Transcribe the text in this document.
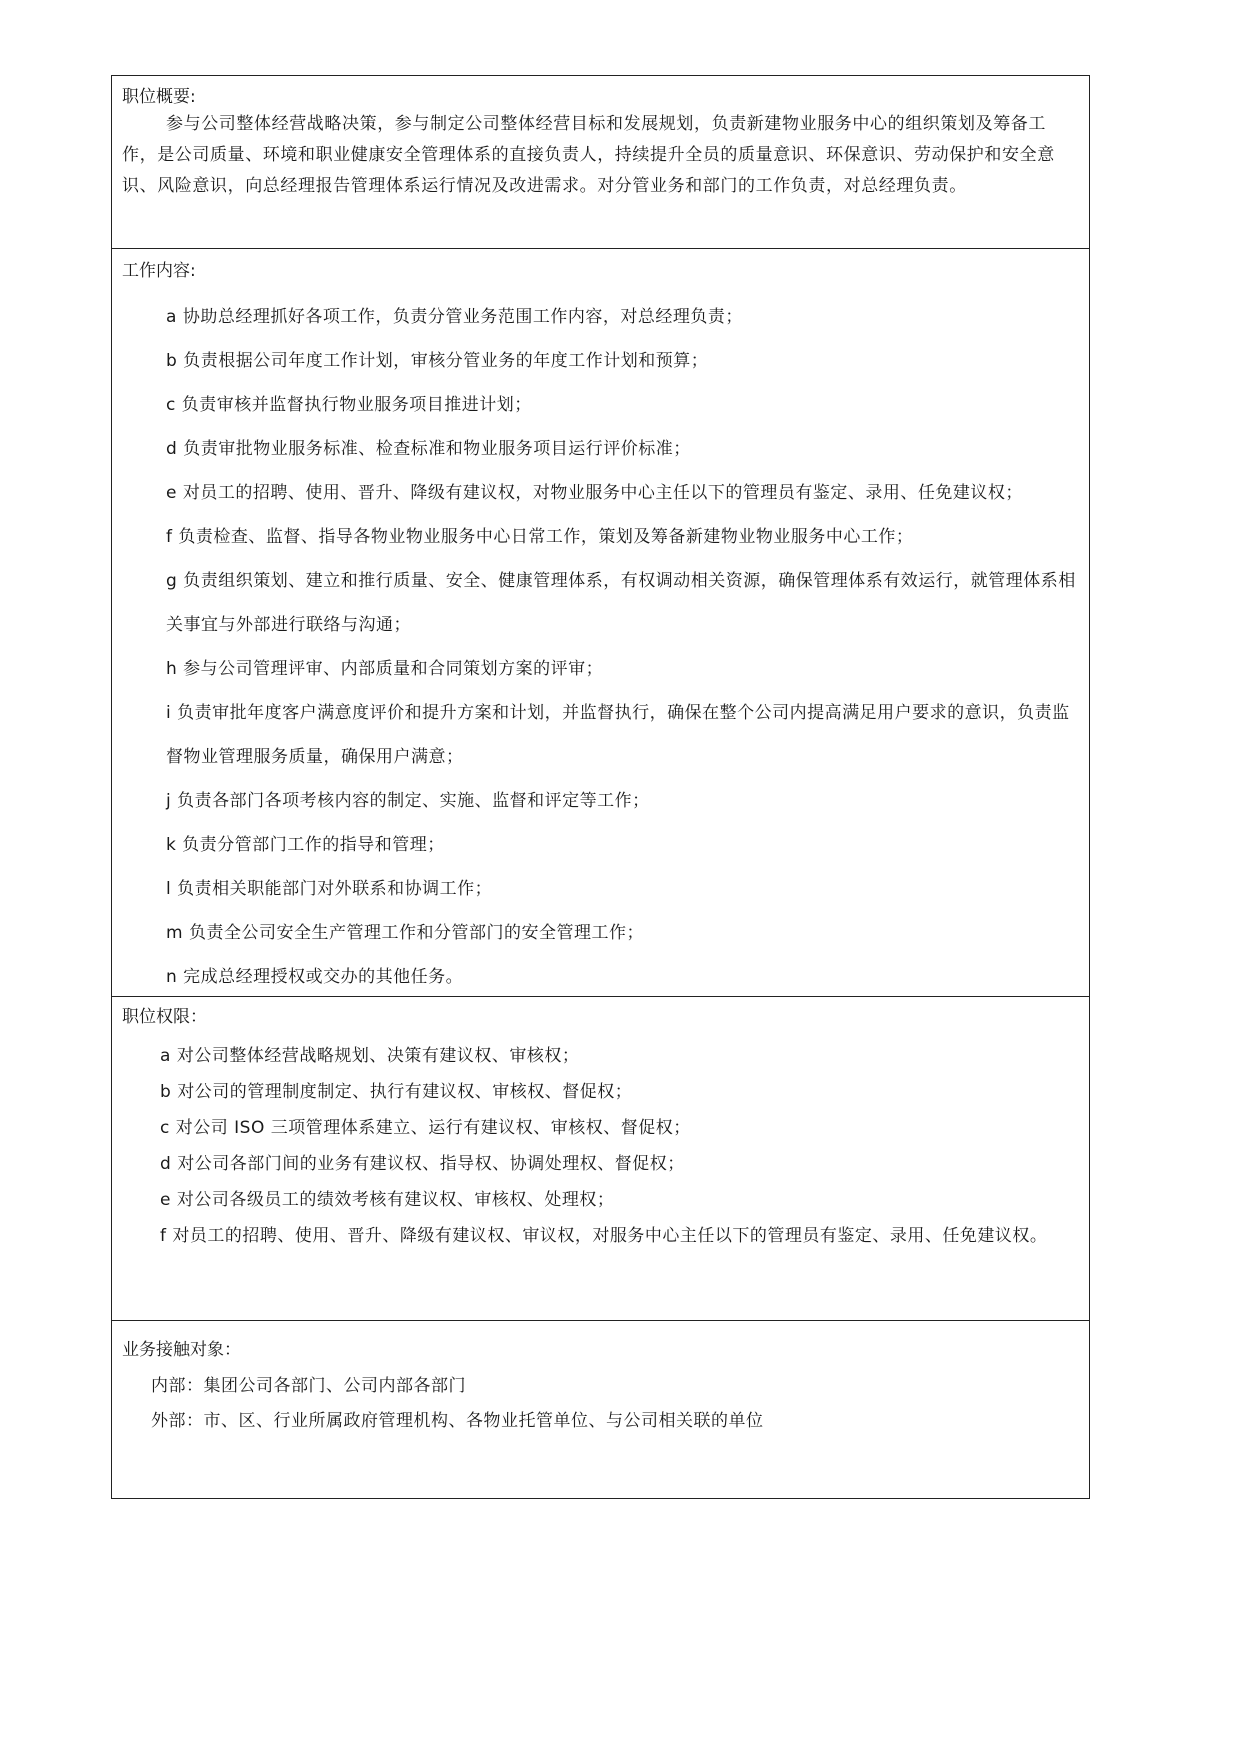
职位概要:

参与公司整体经营战略决策，参与制定公司整体经营目标和发展规划，负责新建物业服务中心的组织策划及筹备工作，是公司质量、环境和职业健康安全管理体系的直接负责人，持续提升全员的质量意识、环保意识、劳动保护和安全意识、风险意识，向总经理报告管理体系运行情况及改进需求。对分管业务和部门的工作负责，对总经理负责。

工作内容:

a 协助总经理抓好各项工作，负责分管业务范围工作内容，对总经理负责；
b 负责根据公司年度工作计划，审核分管业务的年度工作计划和预算；
c 负责审核并监督执行物业服务项目推进计划；
d 负责审批物业服务标准、检查标准和物业服务项目运行评价标准；
e 对员工的招聘、使用、晋升、降级有建议权，对物业服务中心主任以下的管理员有鉴定、录用、任免建议权；
f 负责检查、监督、指导各物业物业服务中心日常工作，策划及筹备新建物业物业服务中心工作；
g 负责组织策划、建立和推行质量、安全、健康管理体系，有权调动相关资源，确保管理体系有效运行，就管理体系相关事宜与外部进行联络与沟通；
h 参与公司管理评审、内部质量和合同策划方案的评审；
i 负责审批年度客户满意度评价和提升方案和计划，并监督执行，确保在整个公司内提高满足用户要求的意识，负责监督物业管理服务质量，确保用户满意；
j 负责各部门各项考核内容的制定、实施、监督和评定等工作；
k 负责分管部门工作的指导和管理；
l 负责相关职能部门对外联系和协调工作；
m 负责全公司安全生产管理工作和分管部门的安全管理工作；
n 完成总经理授权或交办的其他任务。

职位权限：

a 对公司整体经营战略规划、决策有建议权、审核权；
b 对公司的管理制度制定、执行有建议权、审核权、督促权；
c 对公司 ISO 三项管理体系建立、运行有建议权、审核权、督促权；
d 对公司各部门间的业务有建议权、指导权、协调处理权、督促权；
e 对公司各级员工的绩效考核有建议权、审核权、处理权；
f 对员工的招聘、使用、晋升、降级有建议权、审议权，对服务中心主任以下的管理员有鉴定、录用、任免建议权。

业务接触对象：

内部：集团公司各部门、公司内部各部门
外部：市、区、行业所属政府管理机构、各物业托管单位、与公司相关联的单位
